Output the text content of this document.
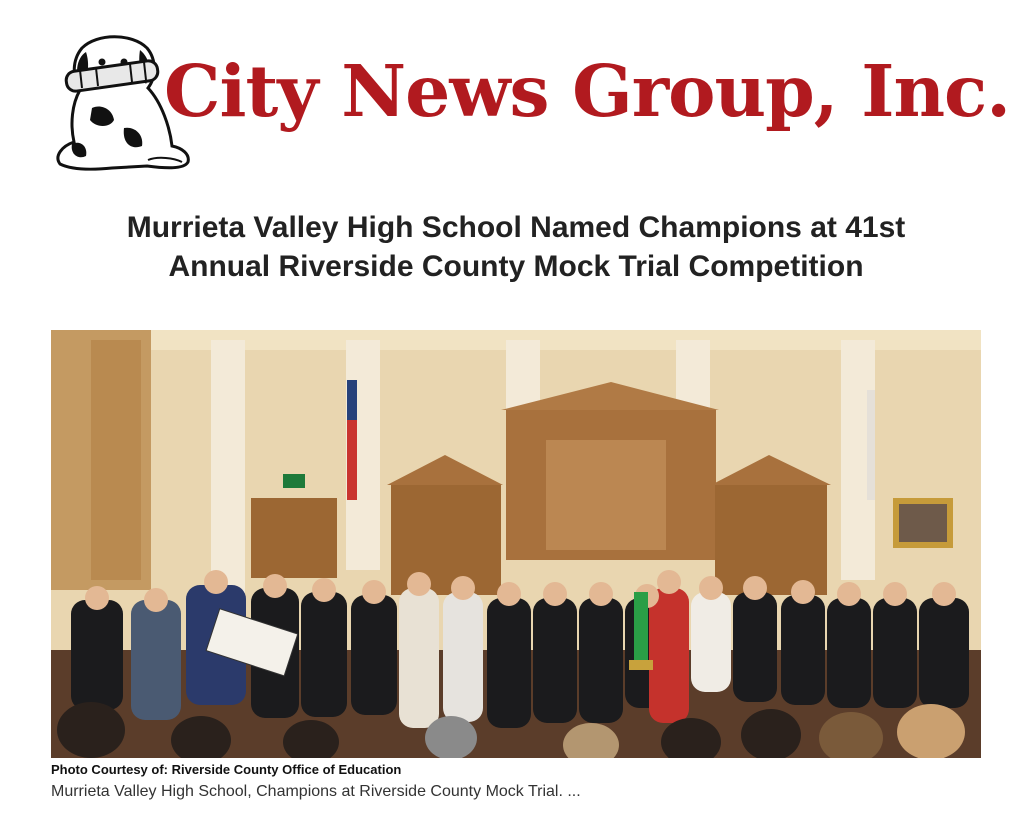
City News Group, Inc.
Murrieta Valley High School Named Champions at 41st
Annual Riverside County Mock Trial Competition
Photo Courtesy of: Riverside County Office of Education
Murrieta Valley High School, Champions at Riverside County Mock Trial. ...
